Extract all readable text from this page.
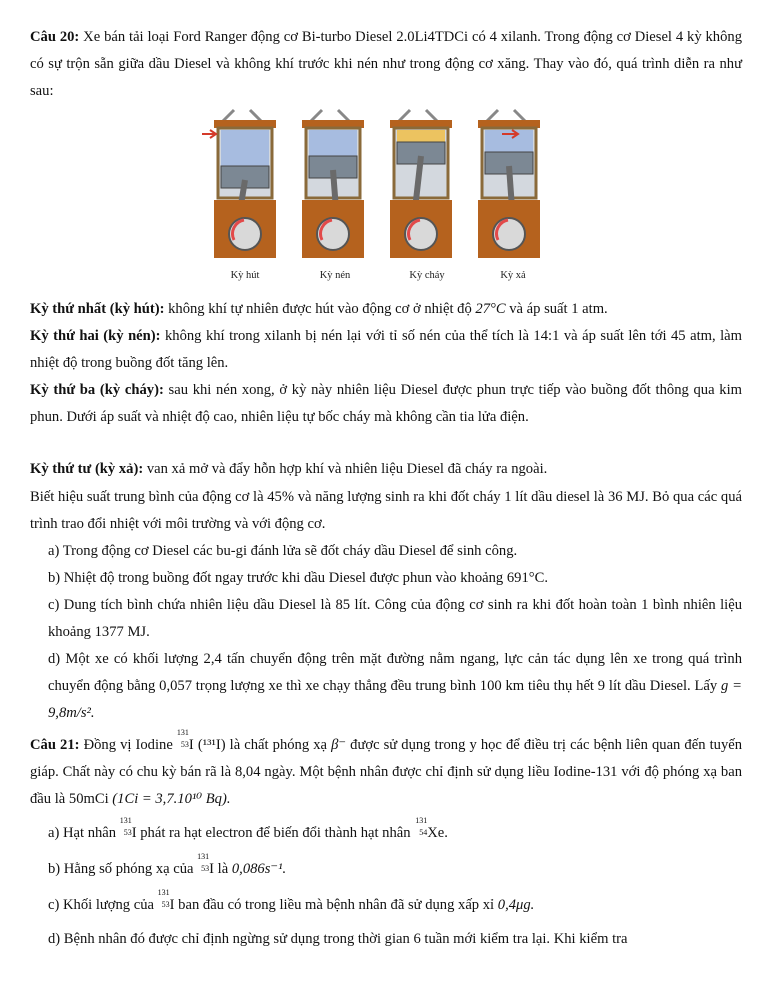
Câu 20: Xe bán tải loại Ford Ranger động cơ Bi-turbo Diesel 2.0Li4TDCi có 4 xilanh. Trong động cơ Diesel 4 kỳ không có sự trộn sẵn giữa dầu Diesel và không khí trước khi nén như trong động cơ xăng. Thay vào đó, quá trình diễn ra như sau:
Kỳ hút	Kỳ nén	Kỳ cháy	Kỳ xả
Kỳ thứ nhất (kỳ hút): không khí tự nhiên được hút vào động cơ ở nhiệt độ 27°C và áp suất 1 atm.
Kỳ thứ hai (kỳ nén): không khí trong xilanh bị nén lại với tỉ số nén của thể tích là 14:1 và áp suất lên tới 45 atm, làm nhiệt độ trong buồng đốt tăng lên.
Kỳ thứ ba (kỳ cháy): sau khi nén xong, ở kỳ này nhiên liệu Diesel được phun trực tiếp vào buồng đốt thông qua kim phun. Dưới áp suất và nhiệt độ cao, nhiên liệu tự bốc cháy mà không cần tia lửa điện.
Kỳ thứ tư (kỳ xả): van xả mở và đẩy hỗn hợp khí và nhiên liệu Diesel đã cháy ra ngoài.
Biết hiệu suất trung bình của động cơ là 45% và năng lượng sinh ra khi đốt cháy 1 lít dầu diesel là 36 MJ. Bỏ qua các quá trình trao đổi nhiệt với môi trường và với động cơ.
a) Trong động cơ Diesel các bu-gi đánh lửa sẽ đốt cháy dầu Diesel để sinh công.
b) Nhiệt độ trong buồng đốt ngay trước khi dầu Diesel được phun vào khoảng 691°C.
c) Dung tích bình chứa nhiên liệu dầu Diesel là 85 lít. Công của động cơ sinh ra khi đốt hoàn toàn 1 bình nhiên liệu khoảng 1377 MJ.
d) Một xe có khối lượng 2,4 tấn chuyển động trên mặt đường nằm ngang, lực cản tác dụng lên xe trong quá trình chuyển động bằng 0,057 trọng lượng xe thì xe chạy thẳng đều trung bình 100 km tiêu thụ hết 9 lít dầu Diesel. Lấy g = 9,8m/s².
Câu 21: Đồng vị Iodine
131
53 I (¹³¹I) là chất phóng xạ β⁻ được sử dụng trong y học để điều trị các bệnh liên quan đến tuyến giáp. Chất này có chu kỳ bán rã là 8,04 ngày. Một bệnh nhân được chỉ định sử dụng liều Iodine-131 với độ phóng xạ ban đầu là 50mCi (1Ci = 3,7.10¹⁰ Bq).
a) Hạt nhân
131
53 I phát ra hạt electron để biến đổi thành hạt nhân
131
54 Xe.
b) Hằng số phóng xạ của
131
53 I là 0,086s⁻¹.
c) Khối lượng của
131
53 I ban đầu có trong liều mà bệnh nhân đã sử dụng xấp xỉ 0,4μg.
d) Bệnh nhân đó được chỉ định ngừng sử dụng trong thời gian 6 tuần mới kiểm tra lại. Khi kiểm tra
